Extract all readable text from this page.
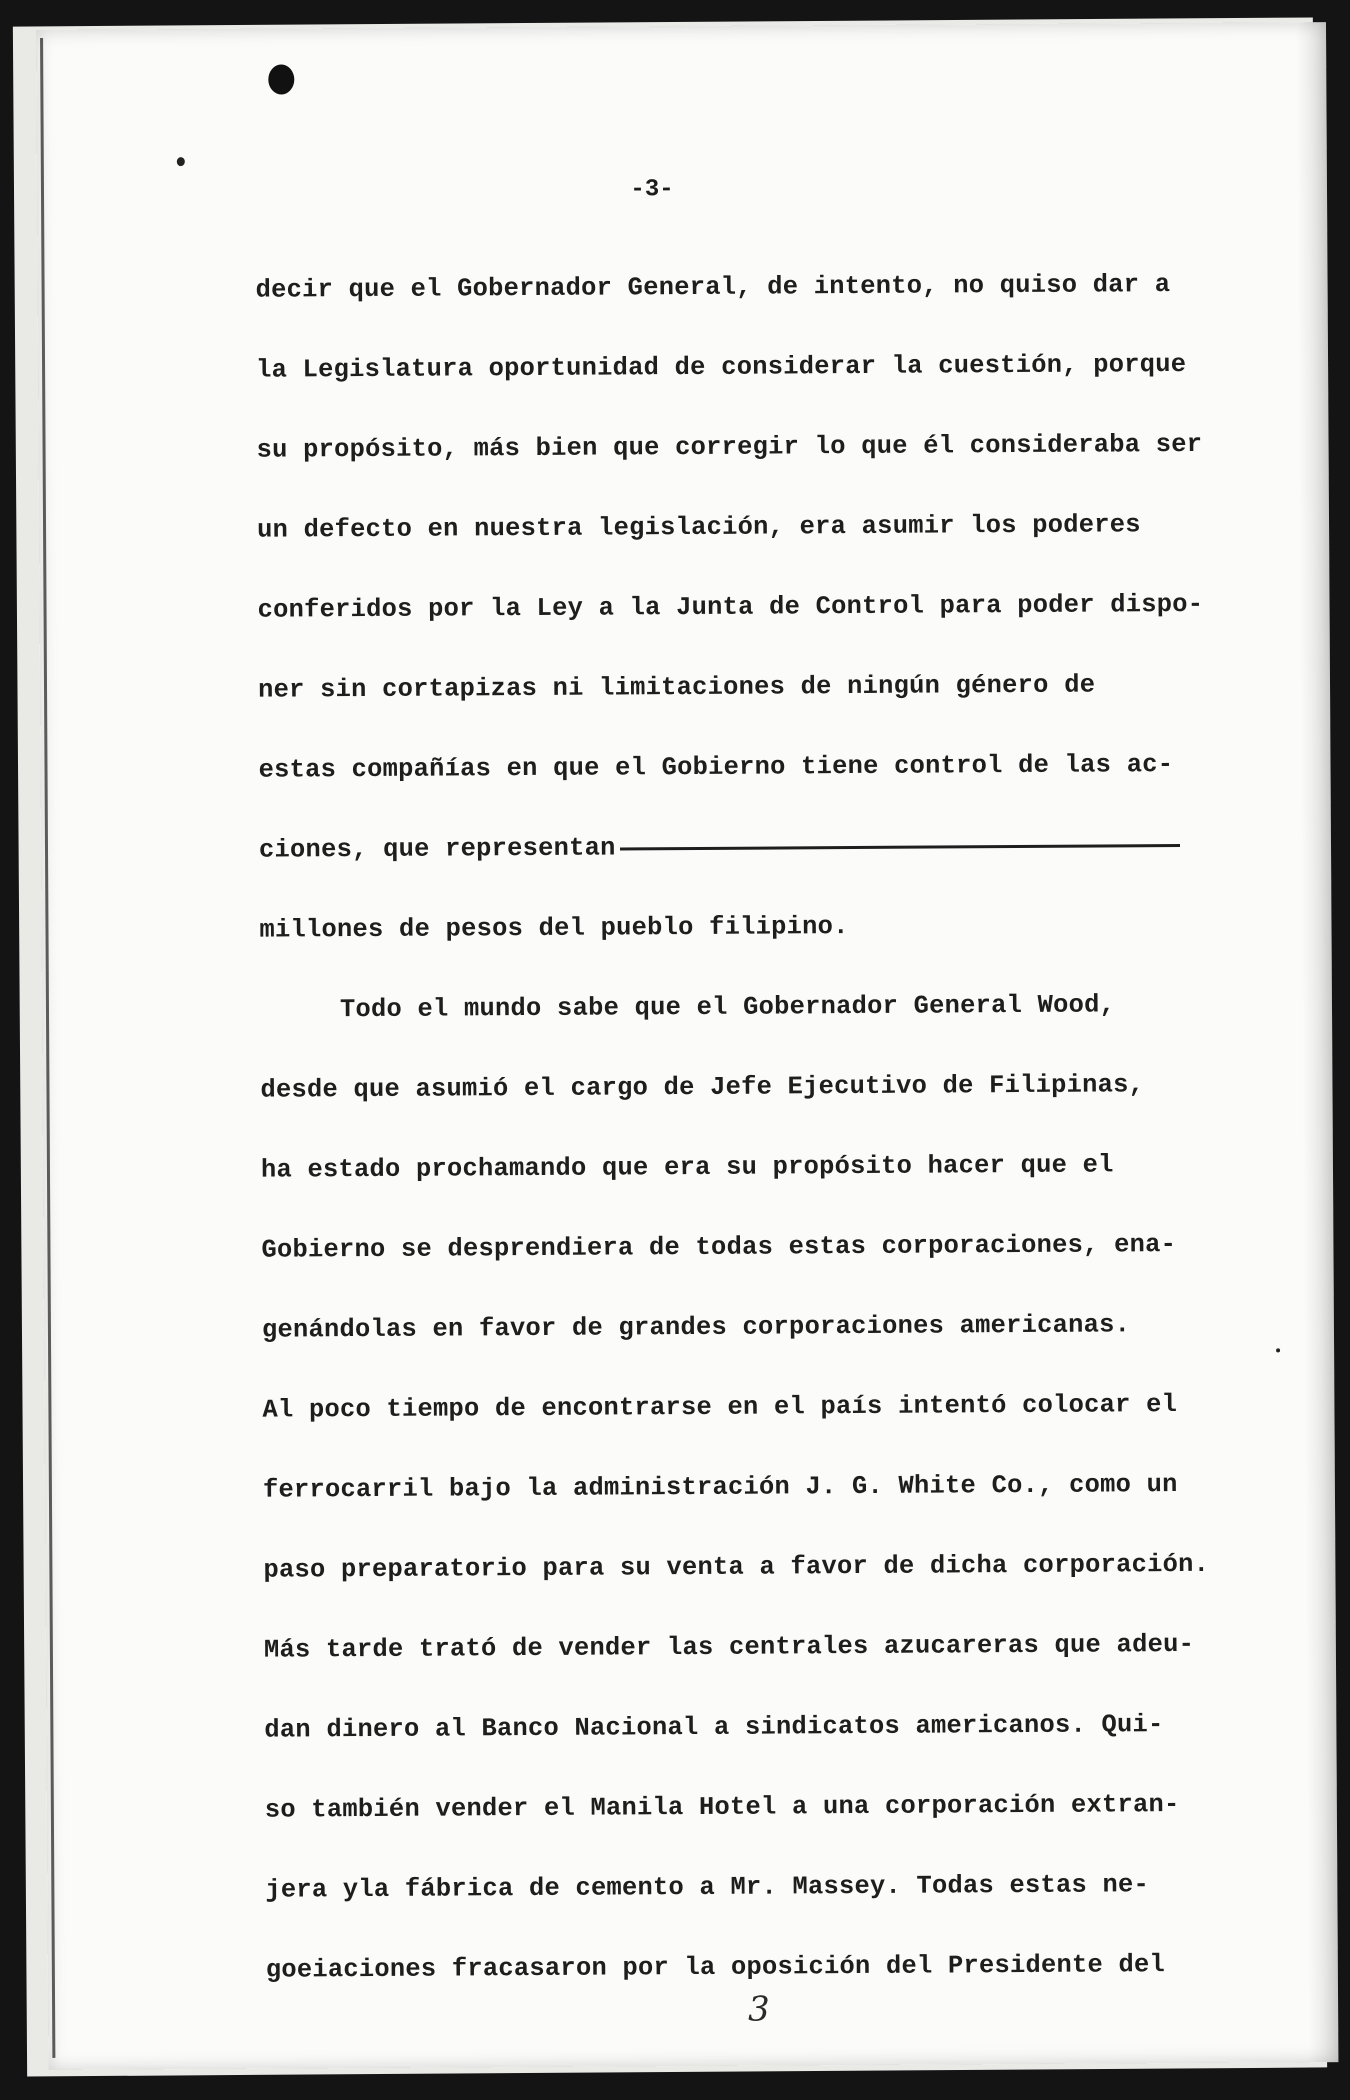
-3-
decir que el Gobernador General, de intento, no quiso dar a
la Legislatura oportunidad de considerar la cuestión, porque
su propósito, más bien que corregir lo que él consideraba ser
un defecto en nuestra legislación, era asumir los poderes
conferidos por la Ley a la Junta de Control para poder dispo-
ner sin cortapizas ni limitaciones de ningún género de
estas compañías en que el Gobierno tiene control de las ac-
ciones, que representan
millones de pesos del pueblo filipino.
Todo el mundo sabe que el Gobernador General Wood,
desde que asumió el cargo de Jefe Ejecutivo de Filipinas,
ha estado prochamando que era su propósito hacer que el
Gobierno se desprendiera de todas estas corporaciones, ena-
genándolas en favor de grandes corporaciones americanas.
Al poco tiempo de encontrarse en el país intentó colocar el
ferrocarril bajo la administración J. G. White Co., como un
paso preparatorio para su venta a favor de dicha corporación.
Más tarde trató de vender las centrales azucareras que adeu-
dan dinero al Banco Nacional a sindicatos americanos. Qui-
so también vender el Manila Hotel a una corporación extran-
jera yla fábrica de cemento a Mr. Massey. Todas estas ne-
goeiaciones fracasaron por la oposición del Presidente del
3
